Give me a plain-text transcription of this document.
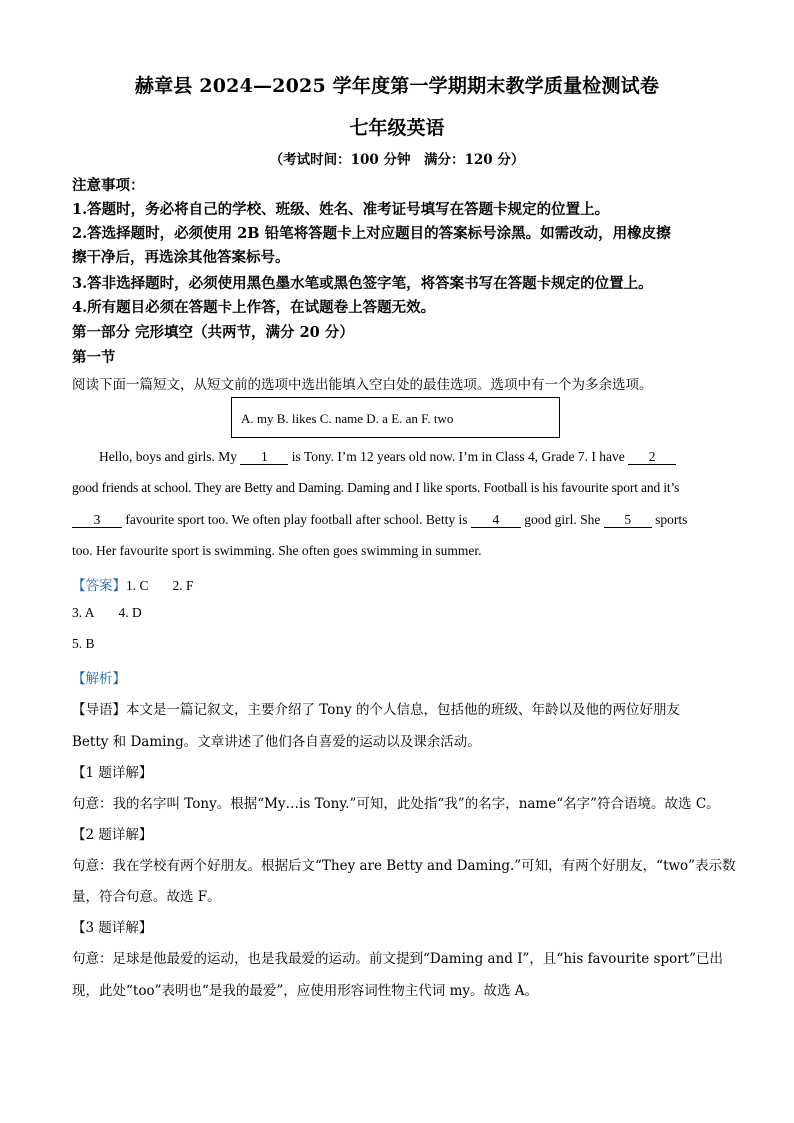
赫章县 2024—2025 学年度第一学期期末教学质量检测试卷
七年级英语
（考试时间：100 分钟　满分：120 分）
注意事项：
1.答题时，务必将自己的学校、班级、姓名、准考证号填写在答题卡规定的位置上。
2.答选择题时，必须使用 2B 铅笔将答题卡上对应题目的答案标号涂黑。如需改动，用橡皮擦
擦干净后，再选涂其他答案标号。
3.答非选择题时，必须使用黑色墨水笔或黑色签字笔，将答案书写在答题卡规定的位置上。
4.所有题目必须在答题卡上作答，在试题卷上答题无效。
第一部分 完形填空（共两节，满分 20 分）
第一节
阅读下面一篇短文，从短文前的选项中选出能填入空白处的最佳选项。选项中有一个为多余选项。
A. my B. likes C. name D. a E. an F. two
Hello, boys and girls. My 1 is Tony. I’m 12 years old now. I’m in Class 4, Grade 7. I have 2
good friends at school. They are Betty and Daming. Daming and I like sports. Football is his favourite sport and it’s
3 favourite sport too. We often play football after school. Betty is 4 good girl. She 5 sports
too. Her favourite sport is swimming. She often goes swimming in summer.
【答案】1. C 2. F
3. A 4. D
5. B
【解析】
【导语】本文是一篇记叙文，主要介绍了 Tony 的个人信息，包括他的班级、年龄以及他的两位好朋友
Betty 和 Daming。文章讲述了他们各自喜爱的运动以及课余活动。
【1 题详解】
句意：我的名字叫 Tony。根据“My…is Tony.”可知，此处指“我”的名字，name“名字”符合语境。故选 C。
【2 题详解】
句意：我在学校有两个好朋友。根据后文“They are Betty and Daming.”可知，有两个好朋友，“two”表示数
量，符合句意。故选 F。
【3 题详解】
句意：足球是他最爱的运动，也是我最爱的运动。前文提到“Daming and I”，且“his favourite sport”已出
现，此处“too”表明也“是我的最爱”，应使用形容词性物主代词 my。故选 A。
